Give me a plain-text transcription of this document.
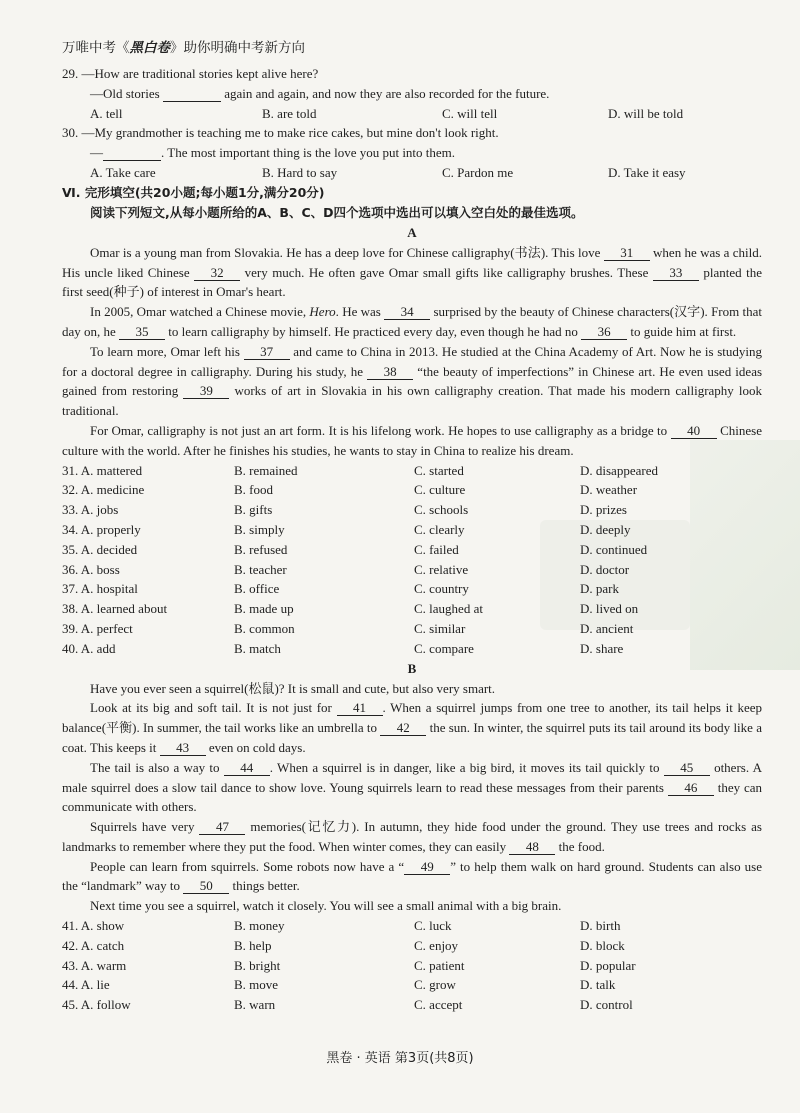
万唯中考《黑白卷》助你明确中考新方向
29. —How are traditional stories kept alive here?
—Old stories	again and again, and now they are also recorded for the future.
A. tell	B. are told	C. will tell	D. will be told
30. —My grandmother is teaching me to make rice cakes, but mine don't look right.
—	. The most important thing is the love you put into them.
A. Take care	B. Hard to say	C. Pardon me	D. Take it easy
Ⅵ. 完形填空(共20小题;每小题1分,满分20分)
阅读下列短文,从每小题所给的A、B、C、D四个选项中选出可以填入空白处的最佳选项。
A
Omar is a young man from Slovakia. He has a deep love for Chinese calligraphy(书法). This love 31 when he was a child. His uncle liked Chinese 32 very much. He often gave Omar small gifts like calligraphy brushes. These 33 planted the first seed(种子) of interest in Omar's heart.
In 2005, Omar watched a Chinese movie, Hero. He was 34 surprised by the beauty of Chinese characters(汉字). From that day on, he 35 to learn calligraphy by himself. He practiced every day, even though he had no 36 to guide him at first.
To learn more, Omar left his 37 and came to China in 2013. He studied at the China Academy of Art. Now he is studying for a doctoral degree in calligraphy. During his study, he 38 “the beauty of imperfections” in Chinese art. He even used ideas gained from restoring 39 works of art in Slovakia in his own calligraphy creation. That made his modern calligraphy look traditional.
For Omar, calligraphy is not just an art form. It is his lifelong work. He hopes to use calligraphy as a bridge to 40 Chinese culture with the world. After he finishes his studies, he wants to stay in China to realize his dream.
31. A. mattered	B. remained	C. started	D. disappeared
32. A. medicine	B. food	C. culture	D. weather
33. A. jobs	B. gifts	C. schools	D. prizes
34. A. properly	B. simply	C. clearly	D. deeply
35. A. decided	B. refused	C. failed	D. continued
36. A. boss	B. teacher	C. relative	D. doctor
37. A. hospital	B. office	C. country	D. park
38. A. learned about	B. made up	C. laughed at	D. lived on
39. A. perfect	B. common	C. similar	D. ancient
40. A. add	B. match	C. compare	D. share
B
Have you ever seen a squirrel(松鼠)? It is small and cute, but also very smart.
Look at its big and soft tail. It is not just for 41 . When a squirrel jumps from one tree to another, its tail helps it keep balance(平衡). In summer, the tail works like an umbrella to 42 the sun. In winter, the squirrel puts its tail around its body like a coat. This keeps it 43 even on cold days.
The tail is also a way to 44 . When a squirrel is in danger, like a big bird, it moves its tail quickly to 45 others. A male squirrel does a slow tail dance to show love. Young squirrels learn to read these messages from their parents 46 they can communicate with others.
Squirrels have very 47 memories(记忆力). In autumn, they hide food under the ground. They use trees and rocks as landmarks to remember where they put the food. When winter comes, they can easily 48 the food.
People can learn from squirrels. Some robots now have a “ 49 ” to help them walk on hard ground. Students can also use the “landmark” way to 50 things better.
Next time you see a squirrel, watch it closely. You will see a small animal with a big brain.
41. A. show	B. money	C. luck	D. birth
42. A. catch	B. help	C. enjoy	D. block
43. A. warm	B. bright	C. patient	D. popular
44. A. lie	B. move	C. grow	D. talk
45. A. follow	B. warn	C. accept	D. control
黑卷 · 英语 第3页(共8页)
